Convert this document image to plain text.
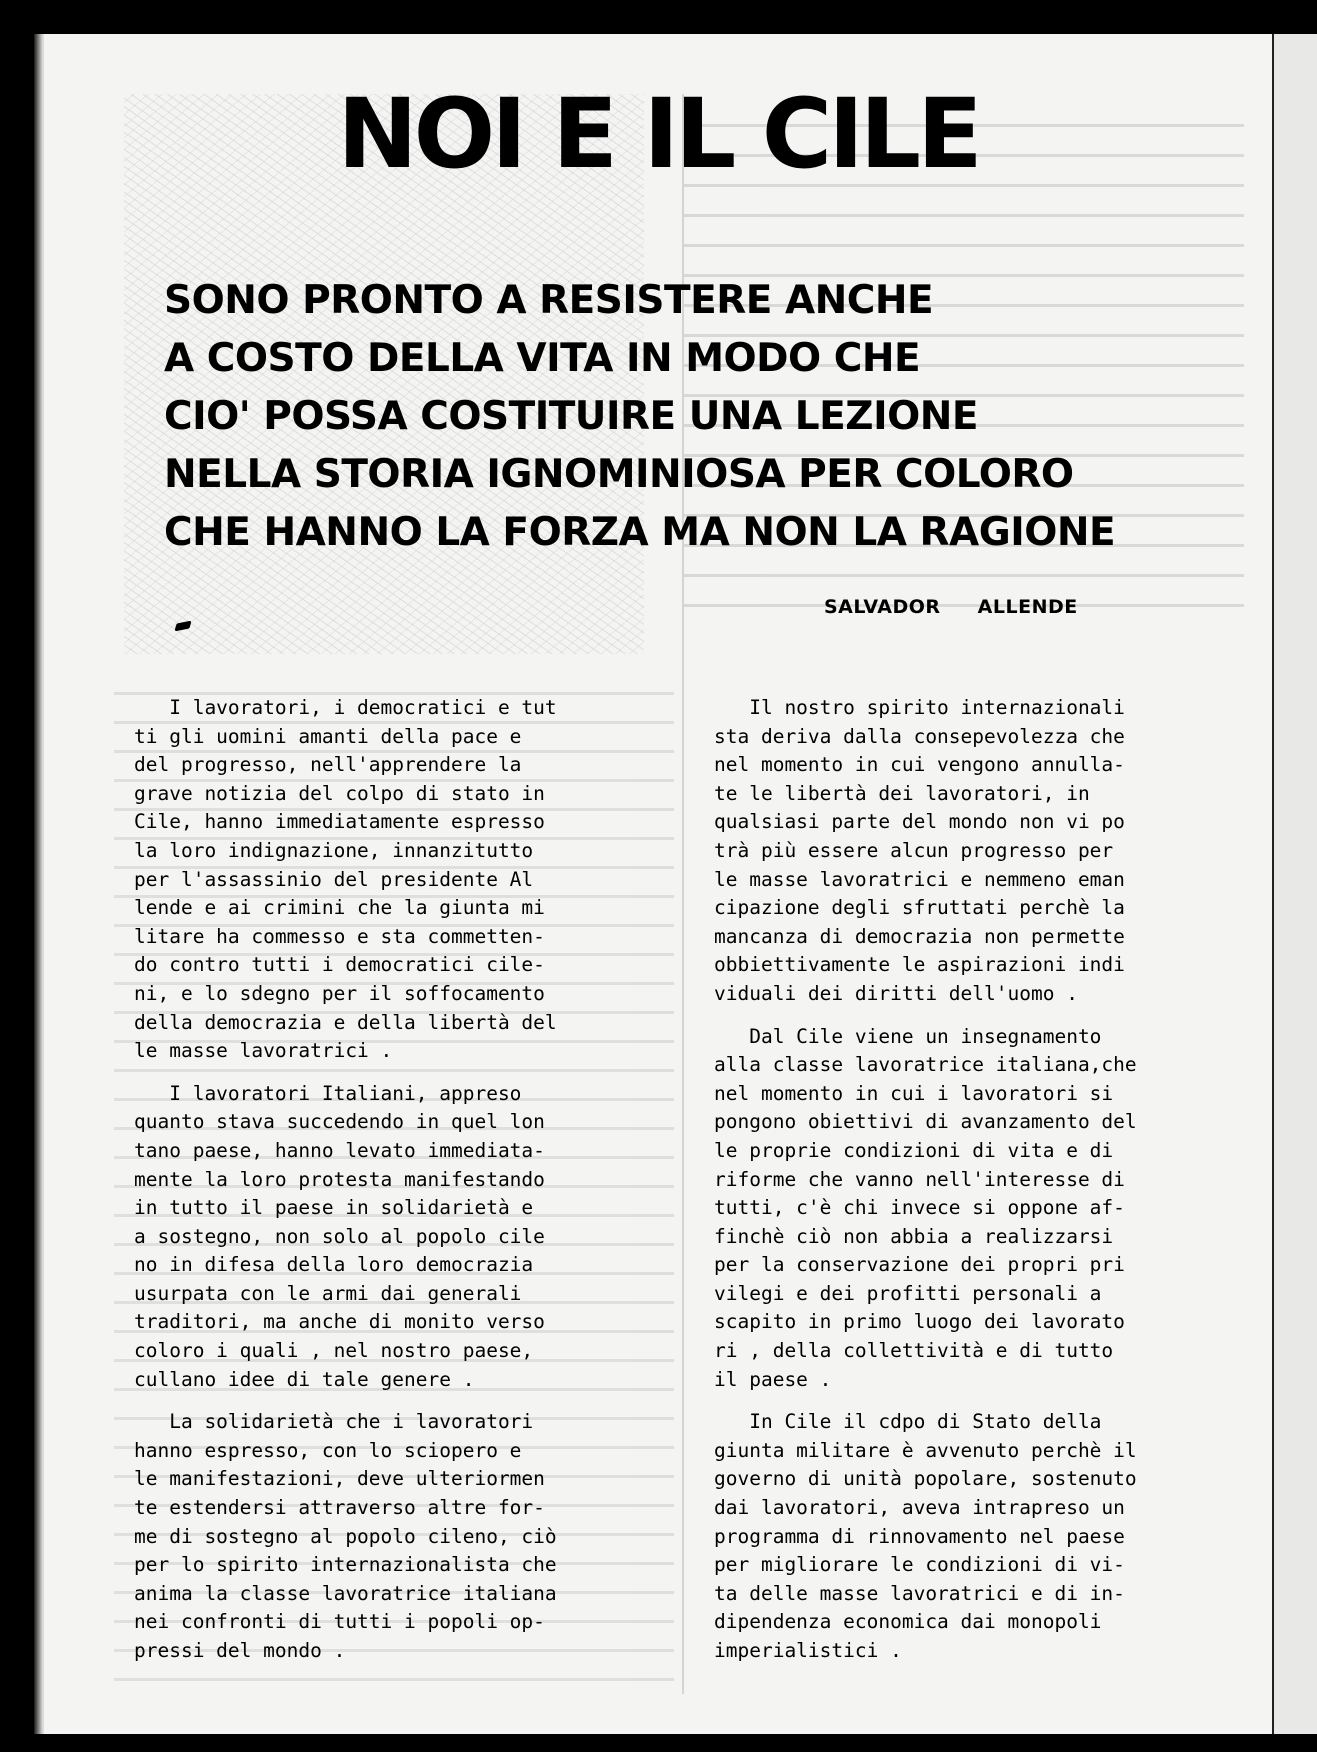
NOI E IL CILE
SONO PRONTO A RESISTERE ANCHE
A COSTO DELLA VITA IN MODO CHE
CIO' POSSA COSTITUIRE UNA LEZIONE
NELLA STORIA IGNOMINIOSA PER COLORO
CHE HANNO LA FORZA MA NON LA RAGIONE
SALVADOR ALLENDE

I lavoratori, i democratici e tut
ti gli uomini amanti della pace e
del progresso, nell'apprendere la
grave notizia del colpo di stato in
Cile, hanno immediatamente espresso
la loro indignazione, innanzitutto
per l'assassinio del presidente Al
lende e ai crimini che la giunta mi
litare ha commesso e sta commetten-
do contro tutti i democratici cile-
ni, e lo sdegno per il soffocamento
della democrazia e della libertà del
le masse lavoratrici .

I lavoratori Italiani, appreso
quanto stava succedendo in quel lon
tano paese, hanno levato immediata-
mente la loro protesta manifestando
in tutto il paese in solidarietà e
a sostegno, non solo al popolo cile
no in difesa della loro democrazia
usurpata con le armi dai generali
traditori, ma anche di monito verso
coloro i quali , nel nostro paese,
cullano idee di tale genere .

La solidarietà che i lavoratori
hanno espresso, con lo sciopero e
le manifestazioni, deve ulteriormen
te estendersi attraverso altre for-
me di sostegno al popolo cileno, ciò
per lo spirito internazionalista che
anima la classe lavoratrice italiana
nei confronti di tutti i popoli op-
pressi del mondo .

Il nostro spirito internazionali
sta deriva dalla consepevolezza che
nel momento in cui vengono annulla-
te le libertà dei lavoratori, in
qualsiasi parte del mondo non vi po
trà più essere alcun progresso per
le masse lavoratrici e nemmeno eman
cipazione degli sfruttati perchè la
mancanza di democrazia non permette
obbiettivamente le aspirazioni indi
viduali dei diritti dell'uomo .

Dal Cile viene un insegnamento
alla classe lavoratrice italiana,che
nel momento in cui i lavoratori si
pongono obiettivi di avanzamento del
le proprie condizioni di vita e di
riforme che vanno nell'interesse di
tutti, c'è chi invece si oppone af-
finchè ciò non abbia a realizzarsi
per la conservazione dei propri pri
vilegi e dei profitti personali a
scapito in primo luogo dei lavorato
ri , della collettività e di tutto
il paese .

In Cile il cdpo di Stato della
giunta militare è avvenuto perchè il
governo di unità popolare, sostenuto
dai lavoratori, aveva intrapreso un
programma di rinnovamento nel paese
per migliorare le condizioni di vi-
ta delle masse lavoratrici e di in-
dipendenza economica dai monopoli
imperialistici .
